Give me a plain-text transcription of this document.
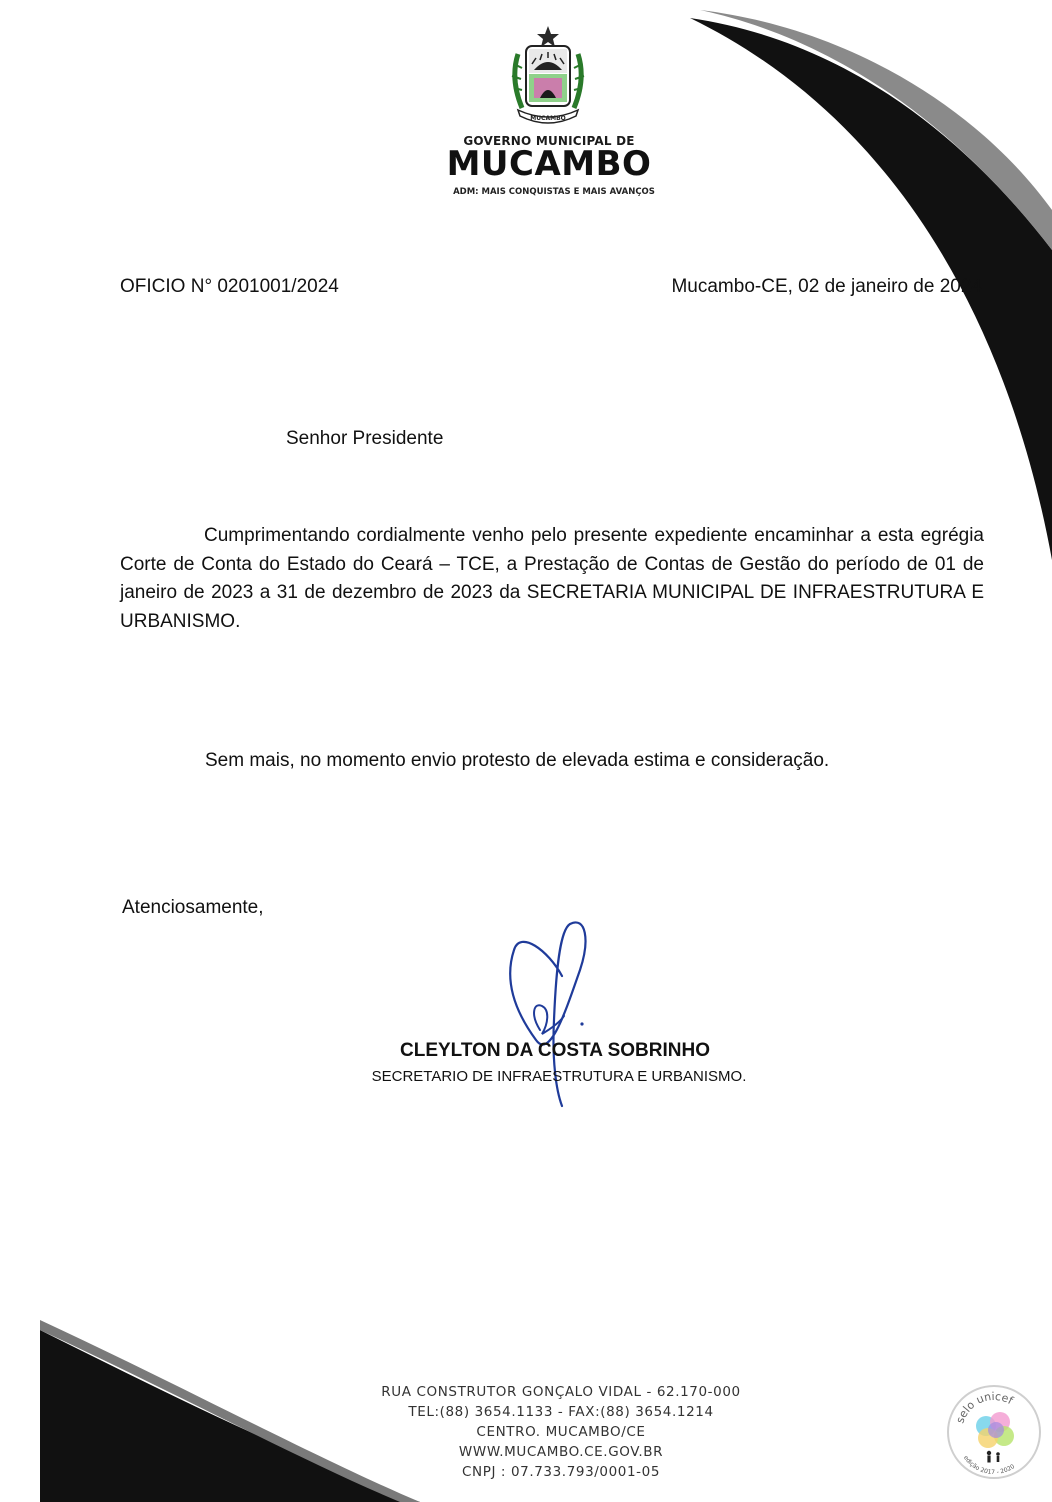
MUCAMBO
GOVERNO MUNICIPAL DE
MUCAMBO
ADM: MAIS CONQUISTAS E MAIS AVANÇOS
OFICIO N° 0201001/2024	Mucambo-CE, 02 de janeiro de 2024
Senhor Presidente
Cumprimentando cordialmente venho pelo presente expediente encaminhar a esta egrégia Corte de Conta do Estado do Ceará – TCE, a Prestação de Contas de Gestão do período de 01 de janeiro de 2023 a 31 de dezembro de 2023 da SECRETARIA MUNICIPAL DE INFRAESTRUTURA E URBANISMO.
Sem mais, no momento envio protesto de elevada estima e consideração.
Atenciosamente,
CLEYLTON DA COSTA SOBRINHO
SECRETARIO DE INFRAESTRUTURA E URBANISMO.
RUA CONSTRUTOR GONÇALO VIDAL - 62.170-000
TEL:(88) 3654.1133 - FAX:(88) 3654.1214
CENTRO. MUCAMBO/CE
WWW.MUCAMBO.CE.GOV.BR
CNPJ : 07.733.793/0001-05
selo unicef
edição 2017 - 2020
